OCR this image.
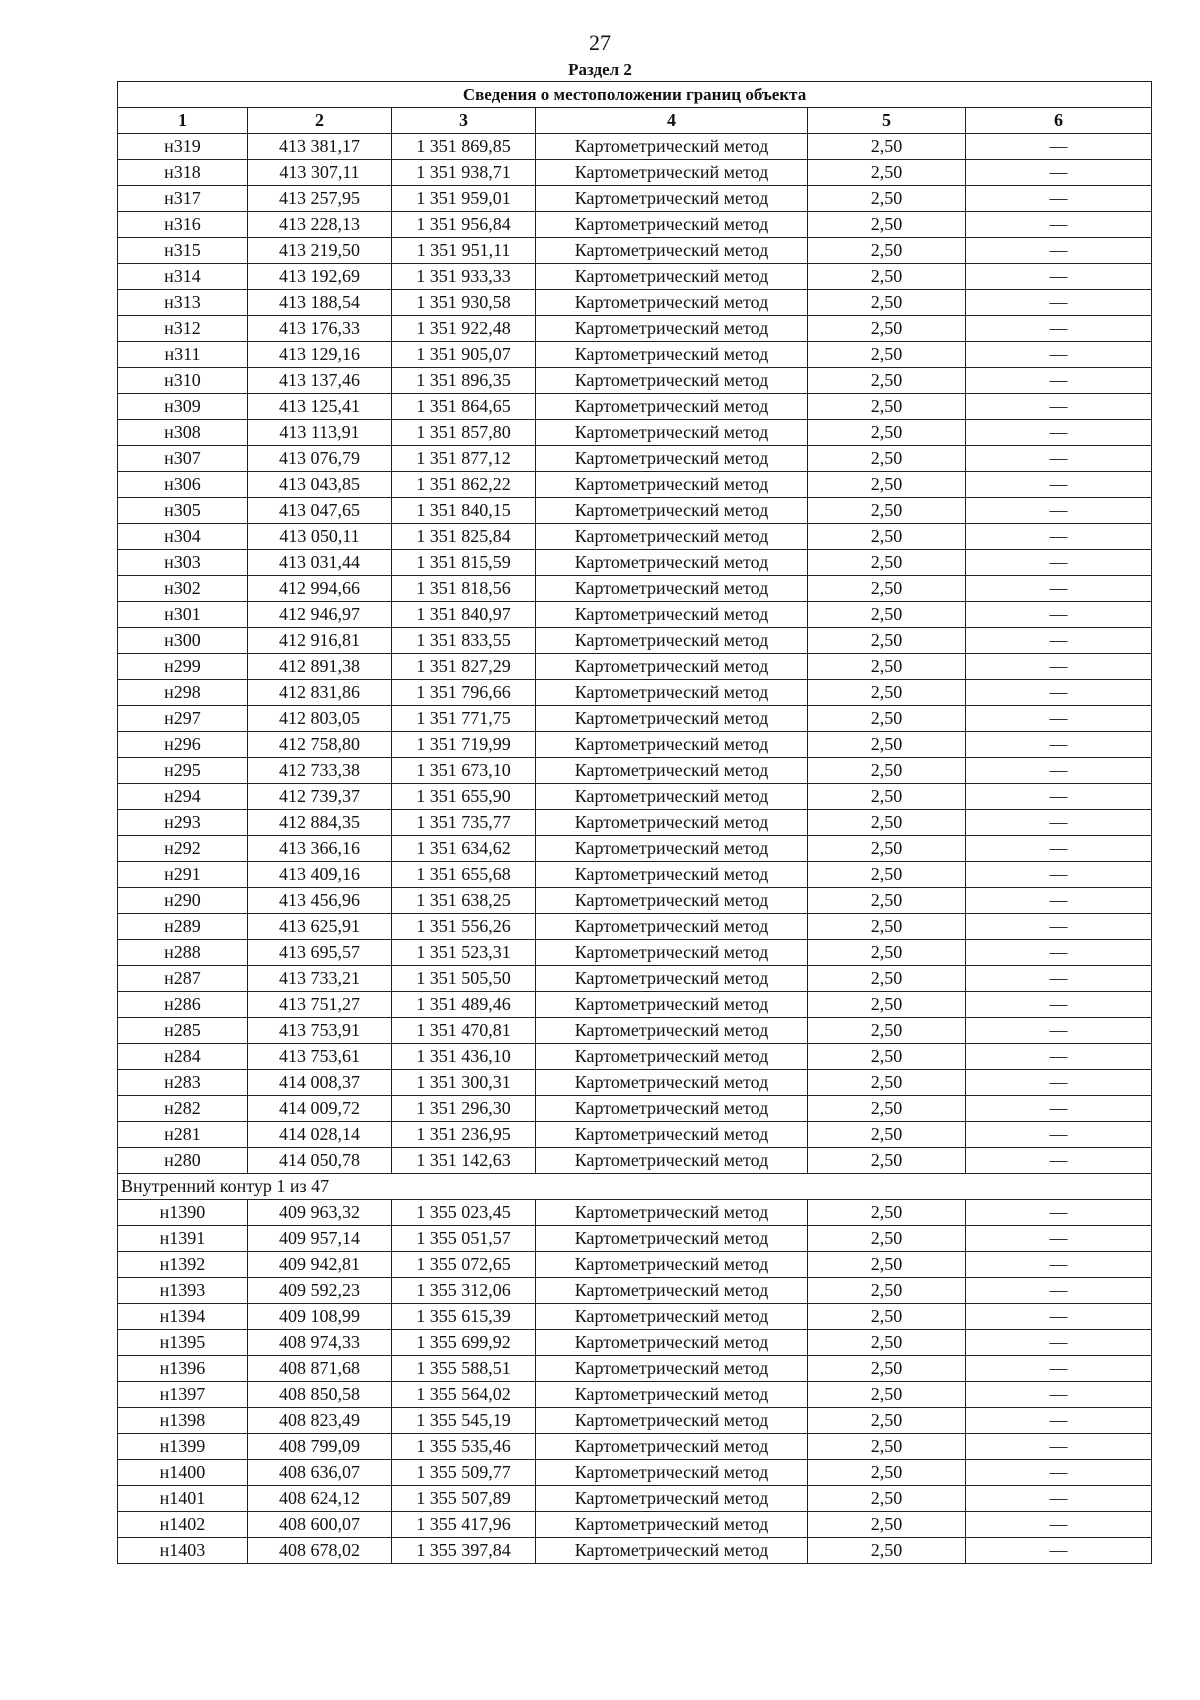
27
Раздел 2
Сведения о местоположении границ объекта					
1	2	3	4	5	6
н319	413 381,17	1 351 869,85	Картометрический метод	2,50	—
н318	413 307,11	1 351 938,71	Картометрический метод	2,50	—
н317	413 257,95	1 351 959,01	Картометрический метод	2,50	—
н316	413 228,13	1 351 956,84	Картометрический метод	2,50	—
н315	413 219,50	1 351 951,11	Картометрический метод	2,50	—
н314	413 192,69	1 351 933,33	Картометрический метод	2,50	—
н313	413 188,54	1 351 930,58	Картометрический метод	2,50	—
н312	413 176,33	1 351 922,48	Картометрический метод	2,50	—
н311	413 129,16	1 351 905,07	Картометрический метод	2,50	—
н310	413 137,46	1 351 896,35	Картометрический метод	2,50	—
н309	413 125,41	1 351 864,65	Картометрический метод	2,50	—
н308	413 113,91	1 351 857,80	Картометрический метод	2,50	—
н307	413 076,79	1 351 877,12	Картометрический метод	2,50	—
н306	413 043,85	1 351 862,22	Картометрический метод	2,50	—
н305	413 047,65	1 351 840,15	Картометрический метод	2,50	—
н304	413 050,11	1 351 825,84	Картометрический метод	2,50	—
н303	413 031,44	1 351 815,59	Картометрический метод	2,50	—
н302	412 994,66	1 351 818,56	Картометрический метод	2,50	—
н301	412 946,97	1 351 840,97	Картометрический метод	2,50	—
н300	412 916,81	1 351 833,55	Картометрический метод	2,50	—
н299	412 891,38	1 351 827,29	Картометрический метод	2,50	—
н298	412 831,86	1 351 796,66	Картометрический метод	2,50	—
н297	412 803,05	1 351 771,75	Картометрический метод	2,50	—
н296	412 758,80	1 351 719,99	Картометрический метод	2,50	—
н295	412 733,38	1 351 673,10	Картометрический метод	2,50	—
н294	412 739,37	1 351 655,90	Картометрический метод	2,50	—
н293	412 884,35	1 351 735,77	Картометрический метод	2,50	—
н292	413 366,16	1 351 634,62	Картометрический метод	2,50	—
н291	413 409,16	1 351 655,68	Картометрический метод	2,50	—
н290	413 456,96	1 351 638,25	Картометрический метод	2,50	—
н289	413 625,91	1 351 556,26	Картометрический метод	2,50	—
н288	413 695,57	1 351 523,31	Картометрический метод	2,50	—
н287	413 733,21	1 351 505,50	Картометрический метод	2,50	—
н286	413 751,27	1 351 489,46	Картометрический метод	2,50	—
н285	413 753,91	1 351 470,81	Картометрический метод	2,50	—
н284	413 753,61	1 351 436,10	Картометрический метод	2,50	—
н283	414 008,37	1 351 300,31	Картометрический метод	2,50	—
н282	414 009,72	1 351 296,30	Картометрический метод	2,50	—
н281	414 028,14	1 351 236,95	Картометрический метод	2,50	—
н280	414 050,78	1 351 142,63	Картометрический метод	2,50	—
Внутренний контур 1 из 47					
н1390	409 963,32	1 355 023,45	Картометрический метод	2,50	—
н1391	409 957,14	1 355 051,57	Картометрический метод	2,50	—
н1392	409 942,81	1 355 072,65	Картометрический метод	2,50	—
н1393	409 592,23	1 355 312,06	Картометрический метод	2,50	—
н1394	409 108,99	1 355 615,39	Картометрический метод	2,50	—
н1395	408 974,33	1 355 699,92	Картометрический метод	2,50	—
н1396	408 871,68	1 355 588,51	Картометрический метод	2,50	—
н1397	408 850,58	1 355 564,02	Картометрический метод	2,50	—
н1398	408 823,49	1 355 545,19	Картометрический метод	2,50	—
н1399	408 799,09	1 355 535,46	Картометрический метод	2,50	—
н1400	408 636,07	1 355 509,77	Картометрический метод	2,50	—
н1401	408 624,12	1 355 507,89	Картометрический метод	2,50	—
н1402	408 600,07	1 355 417,96	Картометрический метод	2,50	—
н1403	408 678,02	1 355 397,84	Картометрический метод	2,50	—
